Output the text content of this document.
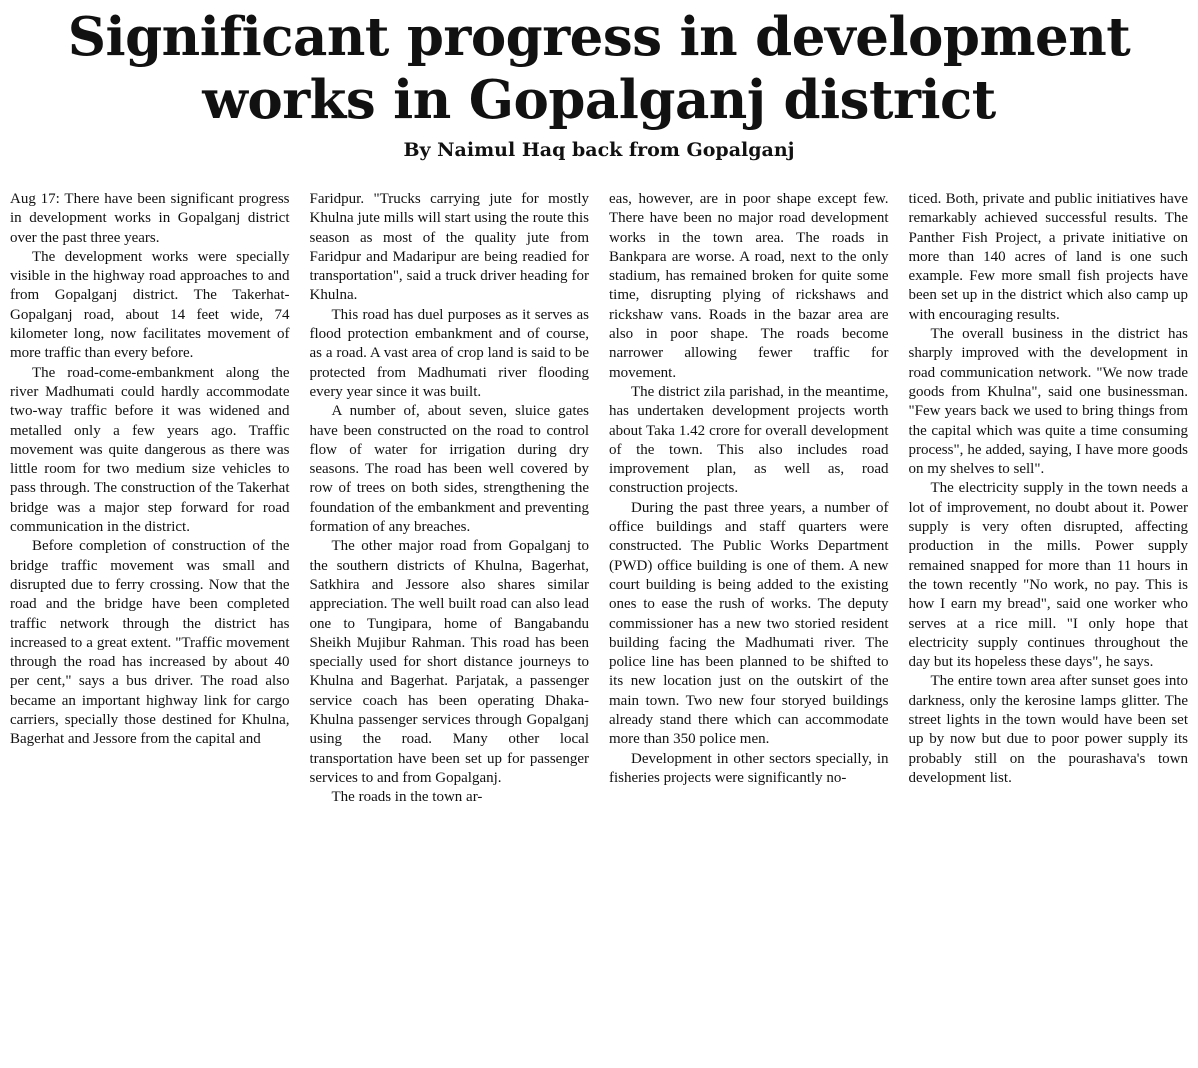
Significant progress in development works in Gopalganj district
By Naimul Haq back from Gopalganj

Aug 17: There have been significant progress in development works in Gopalganj district over the past three years.

The development works were specially visible in the highway road approaches to and from Gopalganj district. The Takerhat-Gopalganj road, about 14 feet wide, 74 kilometer long, now facilitates movement of more traffic than every before.

The road-come-embankment along the river Madhumati could hardly accommodate two-way traffic before it was widened and metalled only a few years ago. Traffic movement was quite dangerous as there was little room for two medium size vehicles to pass through. The construction of the Takerhat bridge was a major step forward for road communication in the district.

Before completion of construction of the bridge traffic movement was small and disrupted due to ferry crossing. Now that the road and the bridge have been completed traffic network through the district has increased to a great extent. "Traffic movement through the road has increased by about 40 per cent," says a bus driver. The road also became an important highway link for cargo carriers, specially those destined for Khulna, Bagerhat and Jessore from the capital and

Faridpur. "Trucks carrying jute for mostly Khulna jute mills will start using the route this season as most of the quality jute from Faridpur and Madaripur are being readied for transportation", said a truck driver heading for Khulna.

This road has duel purposes as it serves as flood protection embankment and of course, as a road. A vast area of crop land is said to be protected from Madhumati river flooding every year since it was built.

A number of, about seven, sluice gates have been constructed on the road to control flow of water for irrigation during dry seasons. The road has been well covered by row of trees on both sides, strengthening the foundation of the embankment and preventing formation of any breaches.

The other major road from Gopalganj to the southern districts of Khulna, Bagerhat, Satkhira and Jessore also shares similar appreciation. The well built road can also lead one to Tungipara, home of Bangabandu Sheikh Mujibur Rahman. This road has been specially used for short distance journeys to Khulna and Bagerhat. Parjatak, a passenger service coach has been operating Dhaka-Khulna passenger services through Gopalganj using the road. Many other local transportation have been set up for passenger services to and from Gopalganj.

The roads in the town ar-

eas, however, are in poor shape except few. There have been no major road development works in the town area. The roads in Bankpara are worse. A road, next to the only stadium, has remained broken for quite some time, disrupting plying of rickshaws and rickshaw vans. Roads in the bazar area are also in poor shape. The roads become narrower allowing fewer traffic for movement.

The district zila parishad, in the meantime, has undertaken development projects worth about Taka 1.42 crore for overall development of the town. This also includes road improvement plan, as well as, road construction projects.

During the past three years, a number of office buildings and staff quarters were constructed. The Public Works Department (PWD) office building is one of them. A new court building is being added to the existing ones to ease the rush of works. The deputy commissioner has a new two storied resident building facing the Madhumati river. The police line has been planned to be shifted to its new location just on the outskirt of the main town. Two new four storyed buildings already stand there which can accommodate more than 350 police men.

Development in other sectors specially, in fisheries projects were significantly no-

ticed. Both, private and public initiatives have remarkably achieved successful results. The Panther Fish Project, a private initiative on more than 140 acres of land is one such example. Few more small fish projects have been set up in the district which also camp up with encouraging results.

The overall business in the district has sharply improved with the development in road communication network. "We now trade goods from Khulna", said one businessman. "Few years back we used to bring things from the capital which was quite a time consuming process", he added, saying, I have more goods on my shelves to sell".

The electricity supply in the town needs a lot of improvement, no doubt about it. Power supply is very often disrupted, affecting production in the mills. Power supply remained snapped for more than 11 hours in the town recently "No work, no pay. This is how I earn my bread", said one worker who serves at a rice mill. "I only hope that electricity supply continues throughout the day but its hopeless these days", he says.

The entire town area after sunset goes into darkness, only the kerosine lamps glitter. The street lights in the town would have been set up by now but due to poor power supply its probably still on the pourashava's town development list.
